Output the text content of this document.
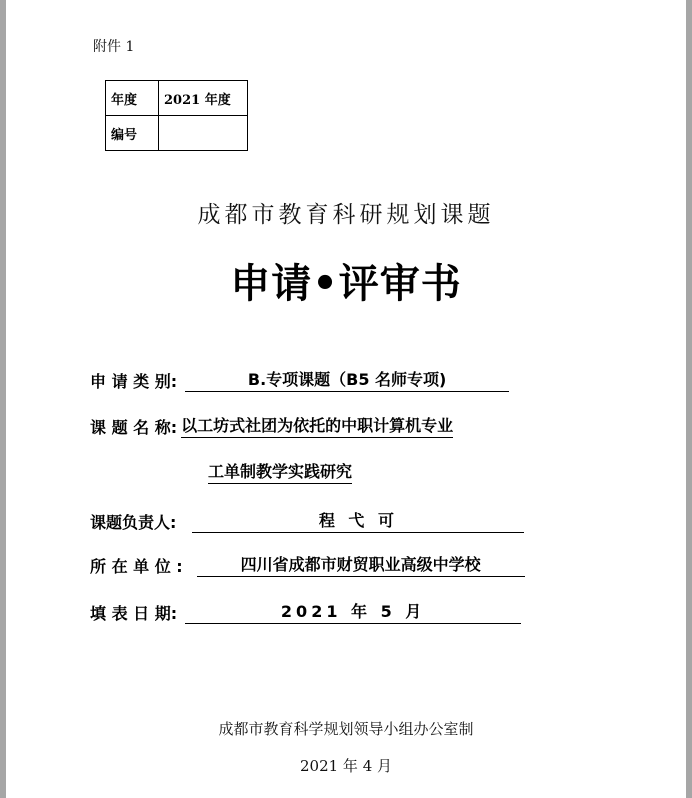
附件 1
年度	2021 年度
编号	
成都市教育科研规划课题
申请•评审书
申 请 类 别:	B.专项课题（B5 名师专项)
课 题 名 称: 以工坊式社团为依托的中职计算机专业
工单制教学实践研究
课题负责人:	程 弋 可
所 在 单 位 :	四川省成都市财贸职业高级中学校
填 表 日 期:	2021 年 5 月
成都市教育科学规划领导小组办公室制
2021 年 4 月
